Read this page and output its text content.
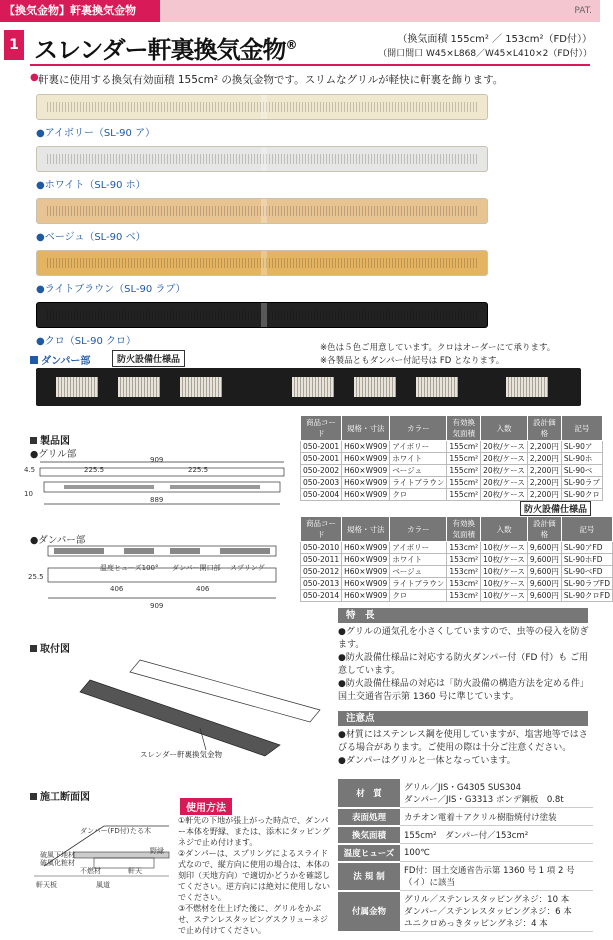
【換気金物】軒裏換気金物	PAT.
1 スレンダー軒裏換気金物®	（換気面積 155cm² ／ 153cm²（FD付））
（開口間口 W45×L868／W45×L410×2（FD付））
● 軒裏に使用する換気有効面積 155cm² の換気金物です。スリムなグリルが軽快に軒裏を飾ります。
●アイボリー（SL-90 ア）
●ホワイト（SL-90 ホ）
●ベージュ（SL-90 ベ）
●ライトブラウン（SL-90 ラブ）
●クロ（SL-90 クロ）
※色は５色ご用意しています。クロはオーダーにて承ります。
※各製品ともダンパー付記号は FD となります。
ダンパー部	防火設備仕様品
製品図
●グリル部	909
225.5	225.5
4.5
10
889
●ダンパー部
温度ヒューズ100° ダンパー開口部 スプリング
406	406
25.5
909
商品コード	規格・寸法	カラー	有効換気面積	入数	設計価格	記号
050-2001	H60×W909	アイボリー	155cm²	20枚/ケース	2,200円	SL-90ア
050-2001	H60×W909	ホワイト	155cm²	20枚/ケース	2,200円	SL-90ホ
050-2002	H60×W909	ベージュ	155cm²	20枚/ケース	2,200円	SL-90ベ
050-2003	H60×W909	ライトブラウン	155cm²	20枚/ケース	2,200円	SL-90ラブ
050-2004	H60×W909	クロ	155cm²	20枚/ケース	2,200円	SL-90クロ
防火設備仕様品
商品コード	規格・寸法	カラー	有効換気面積	入数	設計価格	記号
050-2010	H60×W909	アイボリー	153cm²	10枚/ケース	9,600円	SL-90アFD
050-2011	H60×W909	ホワイト	153cm²	10枚/ケース	9,600円	SL-90ホFD
050-2012	H60×W909	ベージュ	153cm²	10枚/ケース	9,600円	SL-90ベFD
050-2013	H60×W909	ライトブラウン	153cm²	10枚/ケース	9,600円	SL-90ラブFD
050-2014	H60×W909	クロ	153cm²	10枚/ケース	9,600円	SL-90クロFD
取付図
スレンダー軒裏換気金物
施工断面図
破風下地材
破風化粧材
ダンパー(FD付) たる木
野縁
軒天
不燃材
軒天板	風道
使用方法
①軒先の下地が張上がった時点で、ダンパー本体を野縁、または、添木にタッピングネジで止め付けます。
②ダンパーは、スプリングによるスライド式なので、縦方向に使用の場合は、本体の刻印（天地方向）で適切かどうかを確認してください。逆方向には絶対に使用しないでください。
③不燃材を仕上げた後に、グリルをかぶせ、ステンレスタッピングスクリューネジで止め付けてください。
特　長
●グリルの通気孔を小さくしていますので、虫等の侵入を防ぎます。
●防火設備仕様品に対応する防火ダンパー付（FD 付）も ご用意しています。
●防火設備仕様品の対応は「防火設備の構造方法を定める件」国土交通省告示第 1360 号に準じています。
注意点
●材質にはステンレス鋼を使用していますが、塩害地等ではさびる場合があります。ご使用の際は十分ご注意ください。
●ダンパーはグリルと一体となっています。
材　質	グリル／JIS・G4305 SUS304
ダンパー／JIS・G3313 ボンデ鋼板　0.8t
表面処理	カチオン電着＋アクリル樹脂焼付け塗装
換気面積	155cm²　ダンパー付／153cm²
温度ヒューズ	100℃
法 規 制	FD付：国土交通省告示第 1360 号 1 項 2 号（イ）に該当
付属金物	グリル／ステンレスタッピングネジ：10 本
ダンパー／ステンレスタッピングネジ：6 本
ユニクロめっきタッピングネジ：4 本
